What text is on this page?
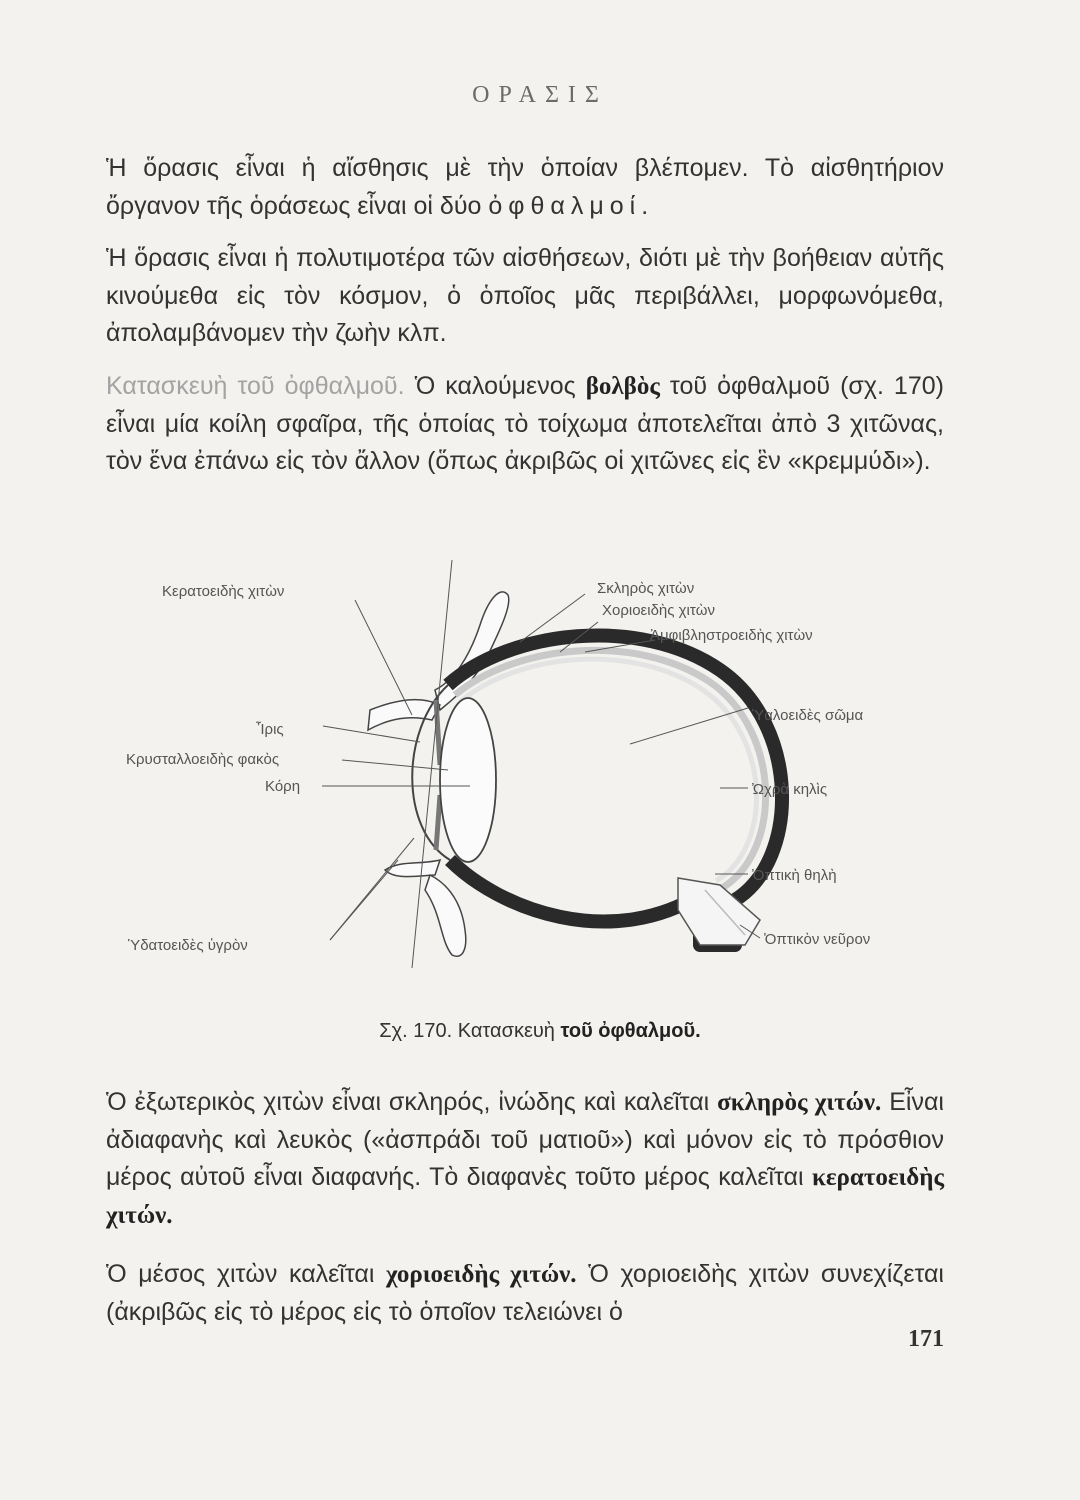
ΟΡΑΣΙΣ

Ἡ ὅρασις εἶναι ἡ αἴσθησις μὲ τὴν ὁποίαν βλέπομεν. Τὸ αἰσθητήριον ὄργανον τῆς ὁράσεως εἶναι οἱ δύο ὀφθαλμοί.

Ἡ ὅρασις εἶναι ἡ πολυτιμοτέρα τῶν αἰσθήσεων, διότι μὲ τὴν βοήθειαν αὐτῆς κινούμεθα εἰς τὸν κόσμον, ὁ ὁποῖος μᾶς περιβάλλει, μορφωνόμεθα, ἀπολαμβάνομεν τὴν ζωὴν κλπ.

Κατασκευὴ τοῦ ὀφθαλμοῦ. Ὁ καλούμενος βολβὸς τοῦ ὀφθαλμοῦ (σχ. 170) εἶναι μία κοίλη σφαῖρα, τῆς ὁποίας τὸ τοίχωμα ἀποτελεῖται ἀπὸ 3 χιτῶνας, τὸν ἕνα ἐπάνω εἰς τὸν ἄλλον (ὅπως ἀκριβῶς οἱ χιτῶνες εἰς ἓν «κρεμμύδι»).

Κερατοειδὴς χιτὼν
Ἶρις
Κρυσταλλοειδὴς φακὸς
Κόρη
Ὑδατοειδὲς ὑγρὸν
Σκληρὸς χιτὼν
Χοριοειδὴς χιτὼν
Ἀμφιβληστροειδὴς χιτὼν
Ὑαλοειδὲς σῶμα
Ὠχρὰ κηλὶς
Ὀπτικὴ θηλὴ
Ὀπτικὸν νεῦρον
Σχ. 170. Κατασκευὴ τοῦ ὀφθαλμοῦ.

Ὁ ἐξωτερικὸς χιτὼν εἶναι σκληρός, ἰνώδης καὶ καλεῖται σκληρὸς χιτών. Εἶναι ἀδιαφανὴς καὶ λευκὸς («ἀσπράδι τοῦ ματιοῦ») καὶ μόνον εἰς τὸ πρόσθιον μέρος αὐτοῦ εἶναι διαφανής. Τὸ διαφανὲς τοῦτο μέρος καλεῖται κερατοειδὴς χιτών.

Ὁ μέσος χιτὼν καλεῖται χοριοειδὴς χιτών. Ὁ χοριοειδὴς χιτὼν συνεχίζεται (ἀκριβῶς εἰς τὸ μέρος εἰς τὸ ὁποῖον τελειώνει ὁ

171
